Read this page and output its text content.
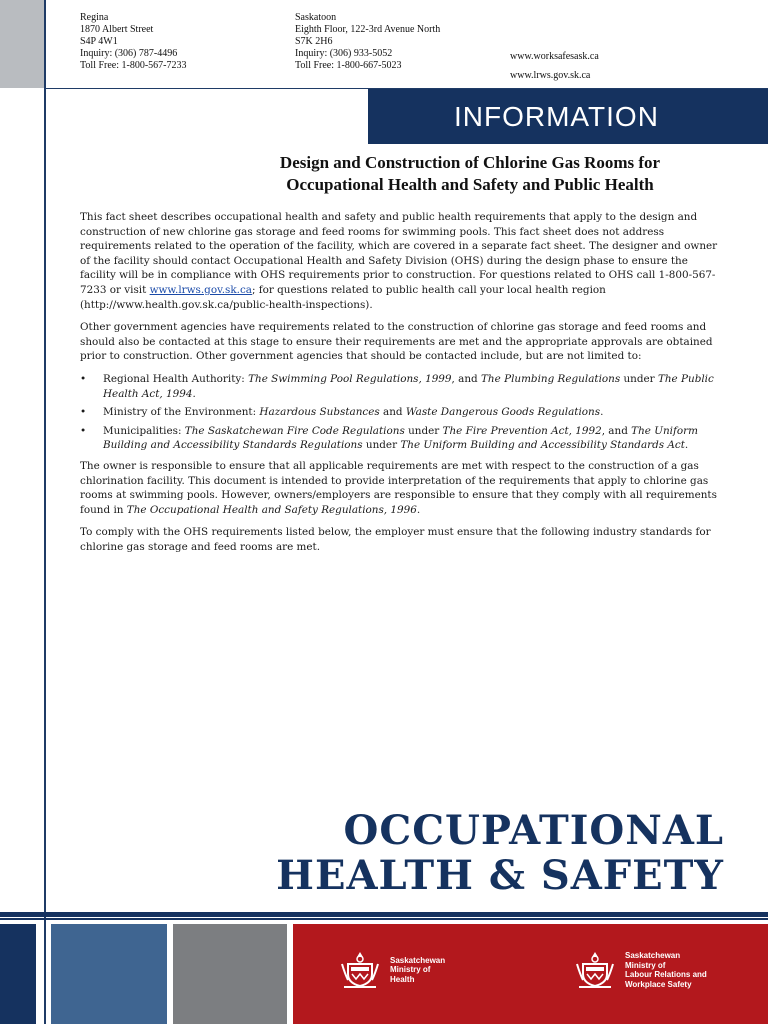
Regina
1870 Albert Street
S4P 4W1
Inquiry: (306) 787-4496
Toll Free: 1-800-567-7233
Saskatoon
Eighth Floor, 122-3rd Avenue North
S7K 2H6
Inquiry: (306) 933-5052
Toll Free: 1-800-667-5023
www.worksafesask.ca
www.lrws.gov.sk.ca
INFORMATION
Design and Construction of Chlorine Gas Rooms for
Occupational Health and Safety and Public Health

This fact sheet describes occupational health and safety and public health requirements that apply to the design and construction of new chlorine gas storage and feed rooms for swimming pools. This fact sheet does not address requirements related to the operation of the facility, which are covered in a separate fact sheet. The designer and owner of the facility should contact Occupational Health and Safety Division (OHS) during the design phase to ensure the facility will be in compliance with OHS requirements prior to construction. For questions related to OHS call 1-800-567-7233 or visit www.lrws.gov.sk.ca; for questions related to public health call your local health region (http://www.health.gov.sk.ca/public-health-inspections).

Other government agencies have requirements related to the construction of chlorine gas storage and feed rooms and should also be contacted at this stage to ensure their requirements are met and the appropriate approvals are obtained prior to construction. Other government agencies that should be contacted include, but are not limited to:

• Regional Health Authority: The Swimming Pool Regulations, 1999, and The Plumbing Regulations under The Public Health Act, 1994.
• Ministry of the Environment: Hazardous Substances and Waste Dangerous Goods Regulations.
• Municipalities: The Saskatchewan Fire Code Regulations under The Fire Prevention Act, 1992, and The Uniform Building and Accessibility Standards Regulations under The Uniform Building and Accessibility Standards Act.

The owner is responsible to ensure that all applicable requirements are met with respect to the construction of a gas chlorination facility. This document is intended to provide interpretation of the requirements that apply to chlorine gas rooms at swimming pools. However, owners/employers are responsible to ensure that they comply with all requirements found in The Occupational Health and Safety Regulations, 1996.

To comply with the OHS requirements listed below, the employer must ensure that the following industry standards for chlorine gas storage and feed rooms are met.

OCCUPATIONAL
HEALTH & SAFETY
Saskatchewan
Ministry of
Health
Saskatchewan
Ministry of
Labour Relations and
Workplace Safety
